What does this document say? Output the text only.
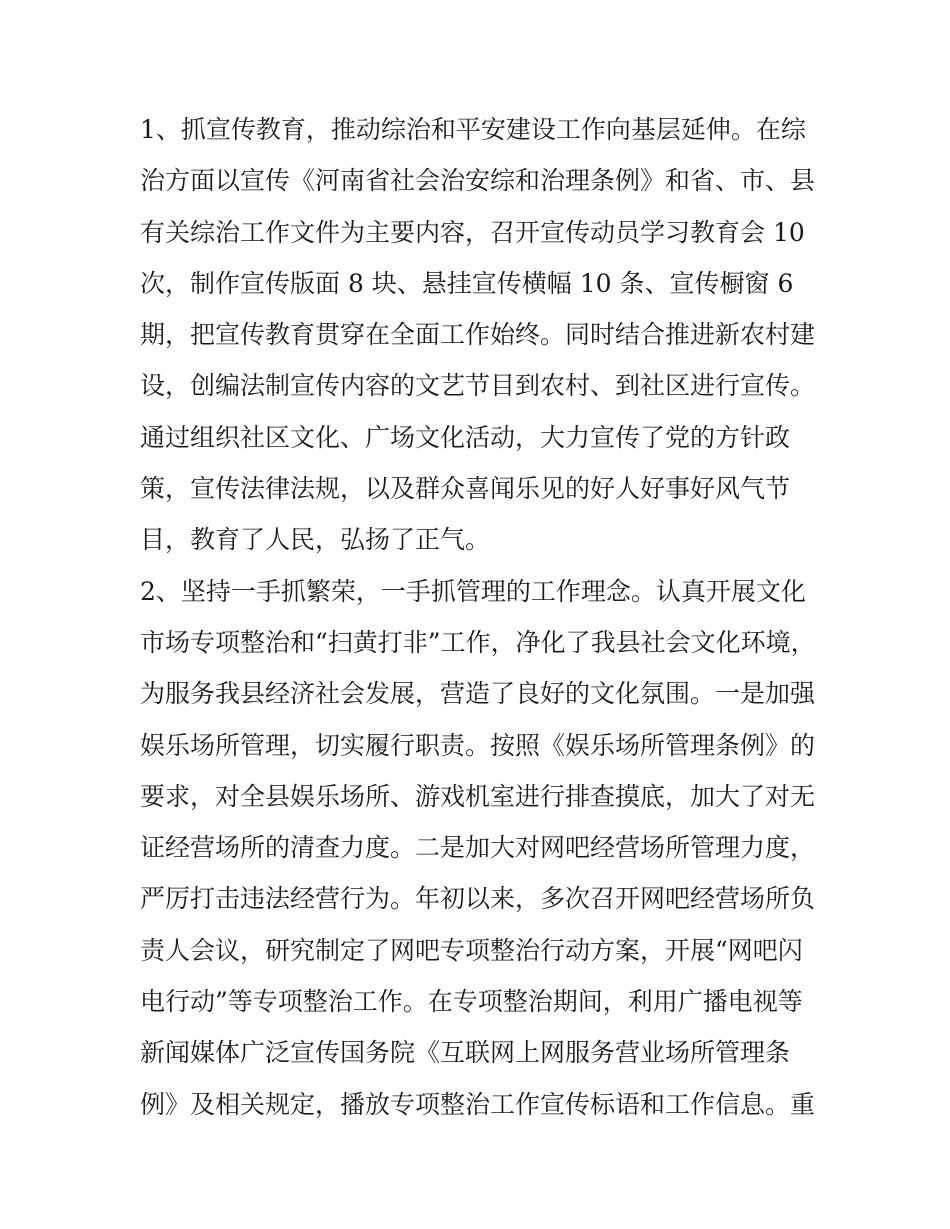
1、抓宣传教育，推动综治和平安建设工作向基层延伸。在综

治方面以宣传《河南省社会治安综和治理条例》和省、市、县

有关综治工作文件为主要内容，召开宣传动员学习教育会 10

次，制作宣传版面 8 块、悬挂宣传横幅 10 条、宣传橱窗 6

期，把宣传教育贯穿在全面工作始终。同时结合推进新农村建

设，创编法制宣传内容的文艺节目到农村、到社区进行宣传。

通过组织社区文化、广场文化活动，大力宣传了党的方针政

策，宣传法律法规，以及群众喜闻乐见的好人好事好风气节

目，教育了人民，弘扬了正气。

2、坚持一手抓繁荣，一手抓管理的工作理念。认真开展文化

市场专项整治和“扫黄打非”工作，净化了我县社会文化环境，

为服务我县经济社会发展，营造了良好的文化氛围。一是加强

娱乐场所管理，切实履行职责。按照《娱乐场所管理条例》的

要求，对全县娱乐场所、游戏机室进行排查摸底，加大了对无

证经营场所的清查力度。二是加大对网吧经营场所管理力度，

严厉打击违法经营行为。年初以来，多次召开网吧经营场所负

责人会议，研究制定了网吧专项整治行动方案，开展“网吧闪

电行动”等专项整治工作。在专项整治期间，利用广播电视等

新闻媒体广泛宣传国务院《互联网上网服务营业场所管理条

例》及相关规定，播放专项整治工作宣传标语和工作信息。重
